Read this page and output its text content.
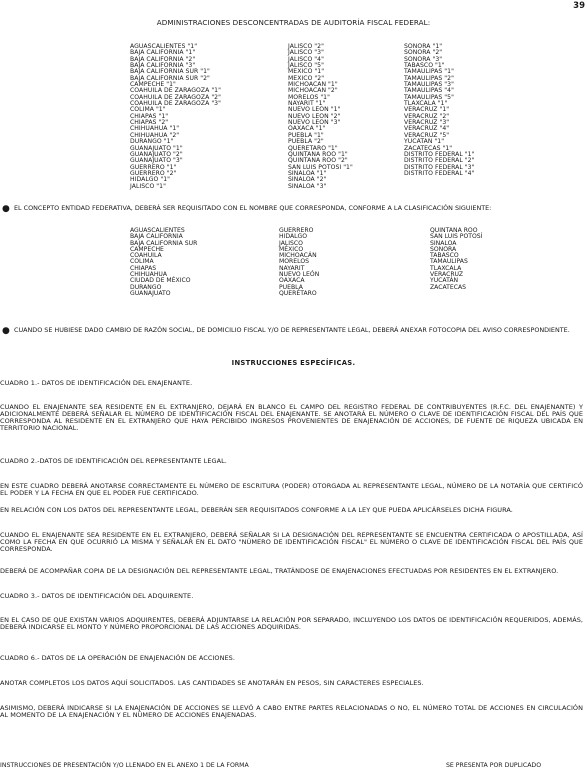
39
ADMINISTRACIONES DESCONCENTRADAS DE AUDITORÍA FISCAL FEDERAL:
AGUASCALIENTES "1"
BAJA CALIFORNIA "1"
BAJA CALIFORNIA "2"
BAJA CALIFORNIA "3"
BAJA CALIFORNIA SUR "1"
BAJA CALIFORNIA SUR "2"
CAMPECHE "1"
COAHUILA DE ZARAGOZA "1"
COAHUILA DE ZARAGOZA "2"
COAHUILA DE ZARAGOZA "3"
COLIMA "1"
CHIAPAS "1"
CHIAPAS "2"
CHIHUAHUA "1"
CHIHUAHUA "2"
DURANGO "1"
GUANAJUATO "1"
GUANAJUATO "2"
GUANAJUATO "3"
GUERRERO "1"
GUERRERO "2"
HIDALGO "1"
JALISCO "1"
JALISCO "2"
JALISCO "3"
JALISCO "4"
JALISCO "5"
MEXICO "1"
MEXICO "2"
MICHOACAN "1"
MICHOACAN "2"
MORELOS "1"
NAYARIT "1"
NUEVO LEON "1"
NUEVO LEON "2"
NUEVO LEON "3"
OAXACA "1"
PUEBLA "1"
PUEBLA "2"
QUERETARO "1"
QUINTANA ROO "1"
QUINTANA ROO "2"
SAN LUIS POTOSI "1"
SINALOA "1"
SINALOA "2"
SINALOA "3"
SONORA "1"
SONORA "2"
SONORA "3"
TABASCO "1"
TAMAULIPAS "1"
TAMAULIPAS "2"
TAMAULIPAS "3"
TAMAULIPAS "4"
TAMAULIPAS "5"
TLAXCALA "1"
VERACRUZ "1"
VERACRUZ "2"
VERACRUZ "3"
VERACRUZ "4"
VERACRUZ "5"
YUCATAN "1"
ZACATECAS "1"
DISTRITO FEDERAL "1"
DISTRITO FEDERAL "2"
DISTRITO FEDERAL "3"
DISTRITO FEDERAL "4"
● EL CONCEPTO ENTIDAD FEDERATIVA, DEBERÁ SER REQUISITADO CON EL NOMBRE QUE CORRESPONDA, CONFORME A LA CLASIFICACIÓN SIGUIENTE:
AGUASCALIENTES
BAJA CALIFORNIA
BAJA CALIFORNIA SUR
CAMPECHE
COAHUILA
COLIMA
CHIAPAS
CHIHUAHUA
CIUDAD DE MÉXICO
DURANGO
GUANAJUATO
GUERRERO
HIDALGO
JALISCO
MÉXICO
MICHOACÁN
MORELOS
NAYARIT
NUEVO LEÓN
OAXACA
PUEBLA
QUERÉTARO
QUINTANA ROO
SAN LUIS POTOSÍ
SINALOA
SONORA
TABASCO
TAMAULIPAS
TLAXCALA
VERACRUZ
YUCATÁN
ZACATECAS
● CUANDO SE HUBIESE DADO CAMBIO DE RAZÓN SOCIAL, DE DOMICILIO FISCAL Y/O DE REPRESENTANTE LEGAL, DEBERÁ ANEXAR FOTOCOPIA DEL AVISO CORRESPONDIENTE.
INSTRUCCIONES ESPECÍFICAS.
CUADRO 1.- DATOS DE IDENTIFICACIÓN DEL ENAJENANTE.
CUANDO EL ENAJENANTE SEA RESIDENTE EN EL EXTRANJERO, DEJARÁ EN BLANCO EL CAMPO DEL REGISTRO FEDERAL DE CONTRIBUYENTES (R.F.C. DEL ENAJENANTE) Y ADICIONALMENTE DEBERÁ SEÑALAR EL NÚMERO DE IDENTIFICACIÓN FISCAL DEL ENAJENANTE. SE ANOTARÁ EL NÚMERO O CLAVE DE IDENTIFICACIÓN FISCAL DEL PAÍS QUE CORRESPONDA AL RESIDENTE EN EL EXTRANJERO QUE HAYA PERCIBIDO INGRESOS PROVENIENTES DE ENAJENACIÓN DE ACCIONES, DE FUENTE DE RIQUEZA UBICADA EN TERRITORIO NACIONAL.
CUADRO 2.-DATOS DE IDENTIFICACIÓN DEL REPRESENTANTE LEGAL.
EN ESTE CUADRO DEBERÁ ANOTARSE CORRECTAMENTE EL NÚMERO DE ESCRITURA (PODER) OTORGADA AL REPRESENTANTE LEGAL, NÚMERO DE LA NOTARÍA QUE CERTIFICÓ EL PODER Y LA FECHA EN QUE EL PODER FUE CERTIFICADO.
EN RELACIÓN CON LOS DATOS DEL REPRESENTANTE LEGAL, DEBERÁN SER REQUISITADOS CONFORME A LA LEY QUE PUEDA APLICÁRSELES DICHA FIGURA.
CUANDO EL ENAJENANTE SEA RESIDENTE EN EL EXTRANJERO, DEBERÁ SEÑALAR SI LA DESIGNACIÓN DEL REPRESENTANTE SE ENCUENTRA CERTIFICADA O APOSTILLADA, ASÍ COMO LA FECHA EN QUE OCURRIÓ LA MISMA Y SEÑALAR EN EL DATO "NÚMERO DE IDENTIFICACIÓN FISCAL" EL NÚMERO O CLAVE DE IDENTIFICACIÓN FISCAL DEL PAÍS QUE CORRESPONDA.
DEBERÁ DE ACOMPAÑAR COPIA DE LA DESIGNACIÓN DEL REPRESENTANTE LEGAL, TRATÁNDOSE DE ENAJENACIONES EFECTUADAS POR RESIDENTES EN EL EXTRANJERO.
CUADRO 3.- DATOS DE IDENTIFICACIÓN DEL ADQUIRENTE.
EN EL CASO DE QUE EXISTAN VARIOS ADQUIRENTES, DEBERÁ ADJUNTARSE LA RELACIÓN POR SEPARADO, INCLUYENDO LOS DATOS DE IDENTIFICACIÓN REQUERIDOS, ADEMÁS, DEBERÁ INDICARSE EL MONTO Y NÚMERO PROPORCIONAL DE LAS ACCIONES ADQUIRIDAS.
CUADRO 6.- DATOS DE LA OPERACIÓN DE ENAJENACIÓN DE ACCIONES.
ANOTAR COMPLETOS LOS DATOS AQUÍ SOLICITADOS. LAS CANTIDADES SE ANOTARÁN EN PESOS, SIN CARACTERES ESPECIALES.
ASIMISMO, DEBERÁ INDICARSE SI LA ENAJENACIÓN DE ACCIONES SE LLEVÓ A CABO ENTRE PARTES RELACIONADAS O NO, EL NÚMERO TOTAL DE ACCIONES EN CIRCULACIÓN AL MOMENTO DE LA ENAJENACIÓN Y EL NÚMERO DE ACCIONES ENAJENADAS.
INSTRUCCIONES DE PRESENTACIÓN Y/O LLENADO EN EL ANEXO 1 DE LA FORMA	SE PRESENTA POR DUPLICADO
